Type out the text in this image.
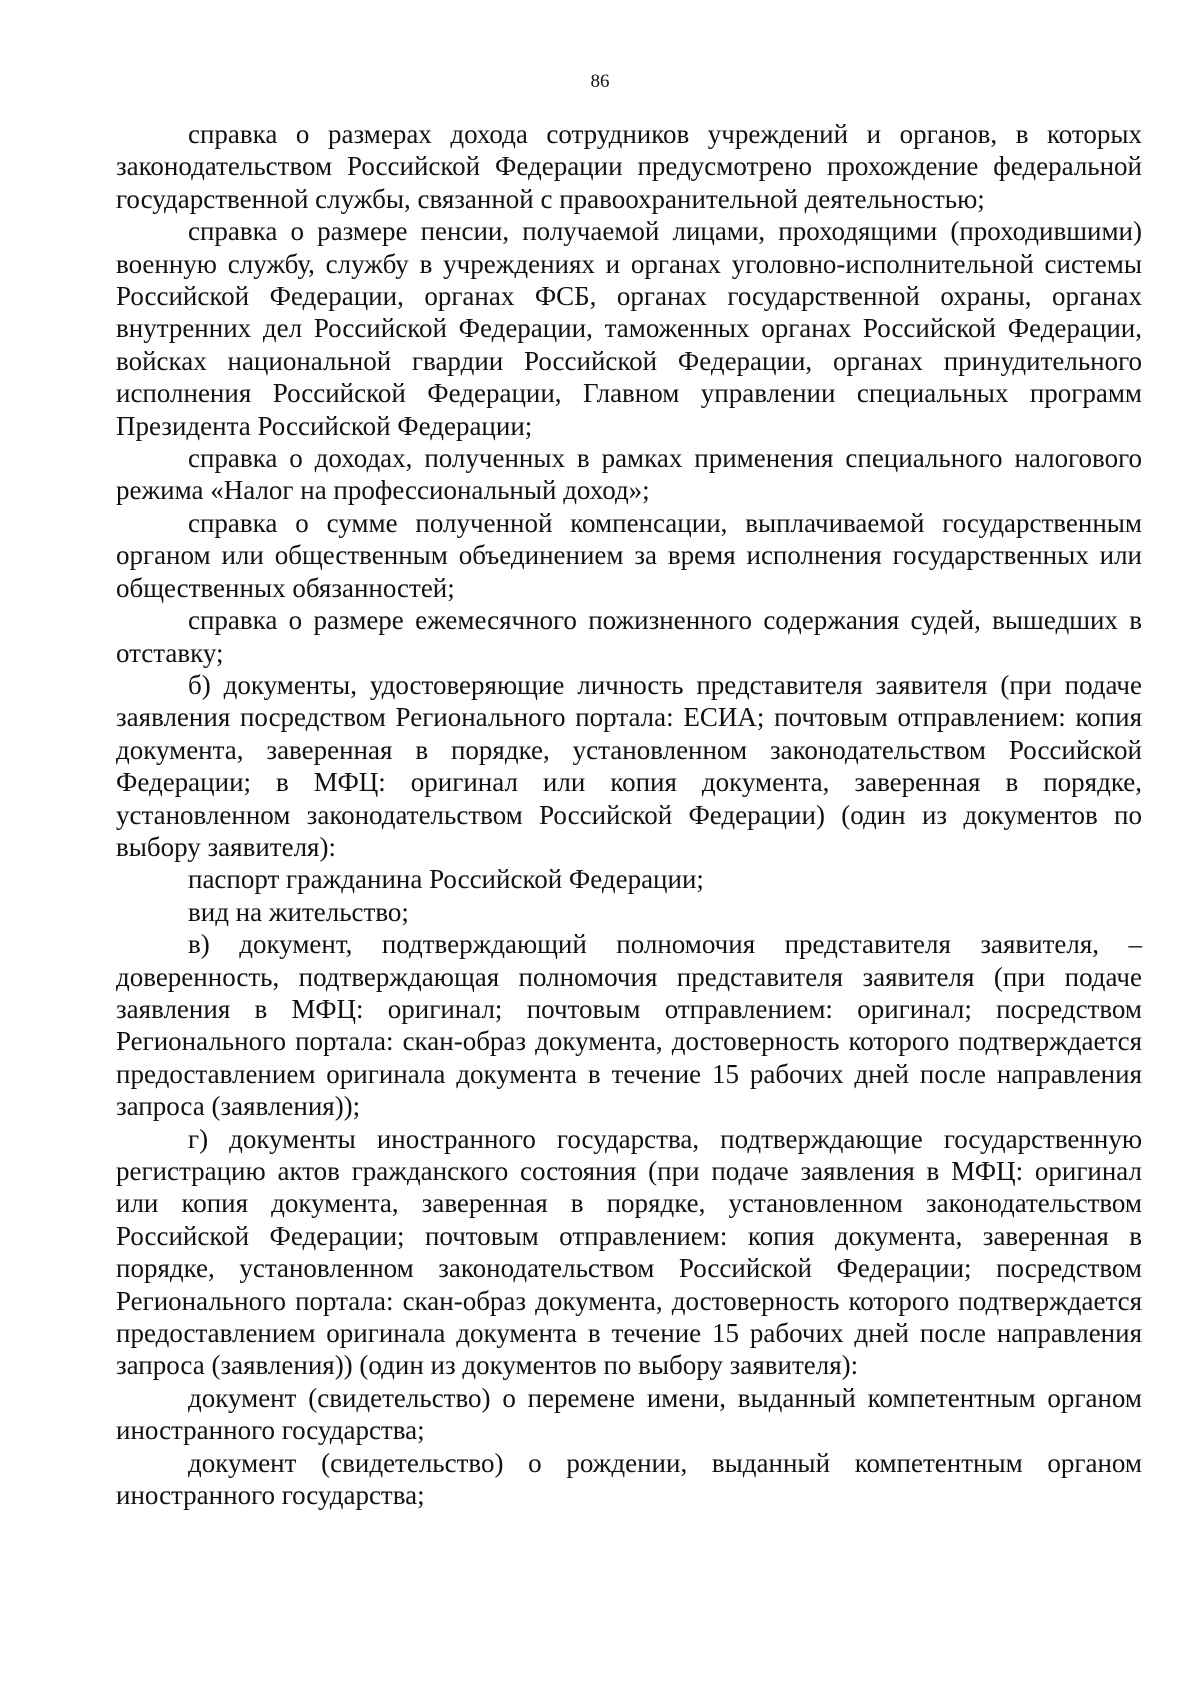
86

справка о размерах дохода сотрудников учреждений и органов, в которых законодательством Российской Федерации предусмотрено прохождение федеральной государственной службы, связанной с правоохранительной деятельностью;

справка о размере пенсии, получаемой лицами, проходящими (проходившими) военную службу, службу в учреждениях и органах уголовно-исполнительной системы Российской Федерации, органах ФСБ, органах государственной охраны, органах внутренних дел Российской Федерации, таможенных органах Российской Федерации, войсках национальной гвардии Российской Федерации, органах принудительного исполнения Российской Федерации, Главном управлении специальных программ Президента Российской Федерации;

справка о доходах, полученных в рамках применения специального налогового режима «Налог на профессиональный доход»;

справка о сумме полученной компенсации, выплачиваемой государственным органом или общественным объединением за время исполнения государственных или общественных обязанностей;

справка о размере ежемесячного пожизненного содержания судей, вышедших в отставку;

б) документы, удостоверяющие личность представителя заявителя (при подаче заявления посредством Регионального портала: ЕСИА; почтовым отправлением: копия документа, заверенная в порядке, установленном законодательством Российской Федерации; в МФЦ: оригинал или копия документа, заверенная в порядке, установленном законодательством Российской Федерации) (один из документов по выбору заявителя):

паспорт гражданина Российской Федерации;

вид на жительство;

в) документ, подтверждающий полномочия представителя заявителя, – доверенность, подтверждающая полномочия представителя заявителя (при подаче заявления в МФЦ: оригинал; почтовым отправлением: оригинал; посредством Регионального портала: скан-образ документа, достоверность которого подтверждается предоставлением оригинала документа в течение 15 рабочих дней после направления запроса (заявления));

г) документы иностранного государства, подтверждающие государственную регистрацию актов гражданского состояния (при подаче заявления в МФЦ: оригинал или копия документа, заверенная в порядке, установленном законодательством Российской Федерации; почтовым отправлением: копия документа, заверенная в порядке, установленном законодательством Российской Федерации; посредством Регионального портала: скан-образ документа, достоверность которого подтверждается предоставлением оригинала документа в течение 15 рабочих дней после направления запроса (заявления)) (один из документов по выбору заявителя):

документ (свидетельство) о перемене имени, выданный компетентным органом иностранного государства;

документ (свидетельство) о рождении, выданный компетентным органом иностранного государства;
